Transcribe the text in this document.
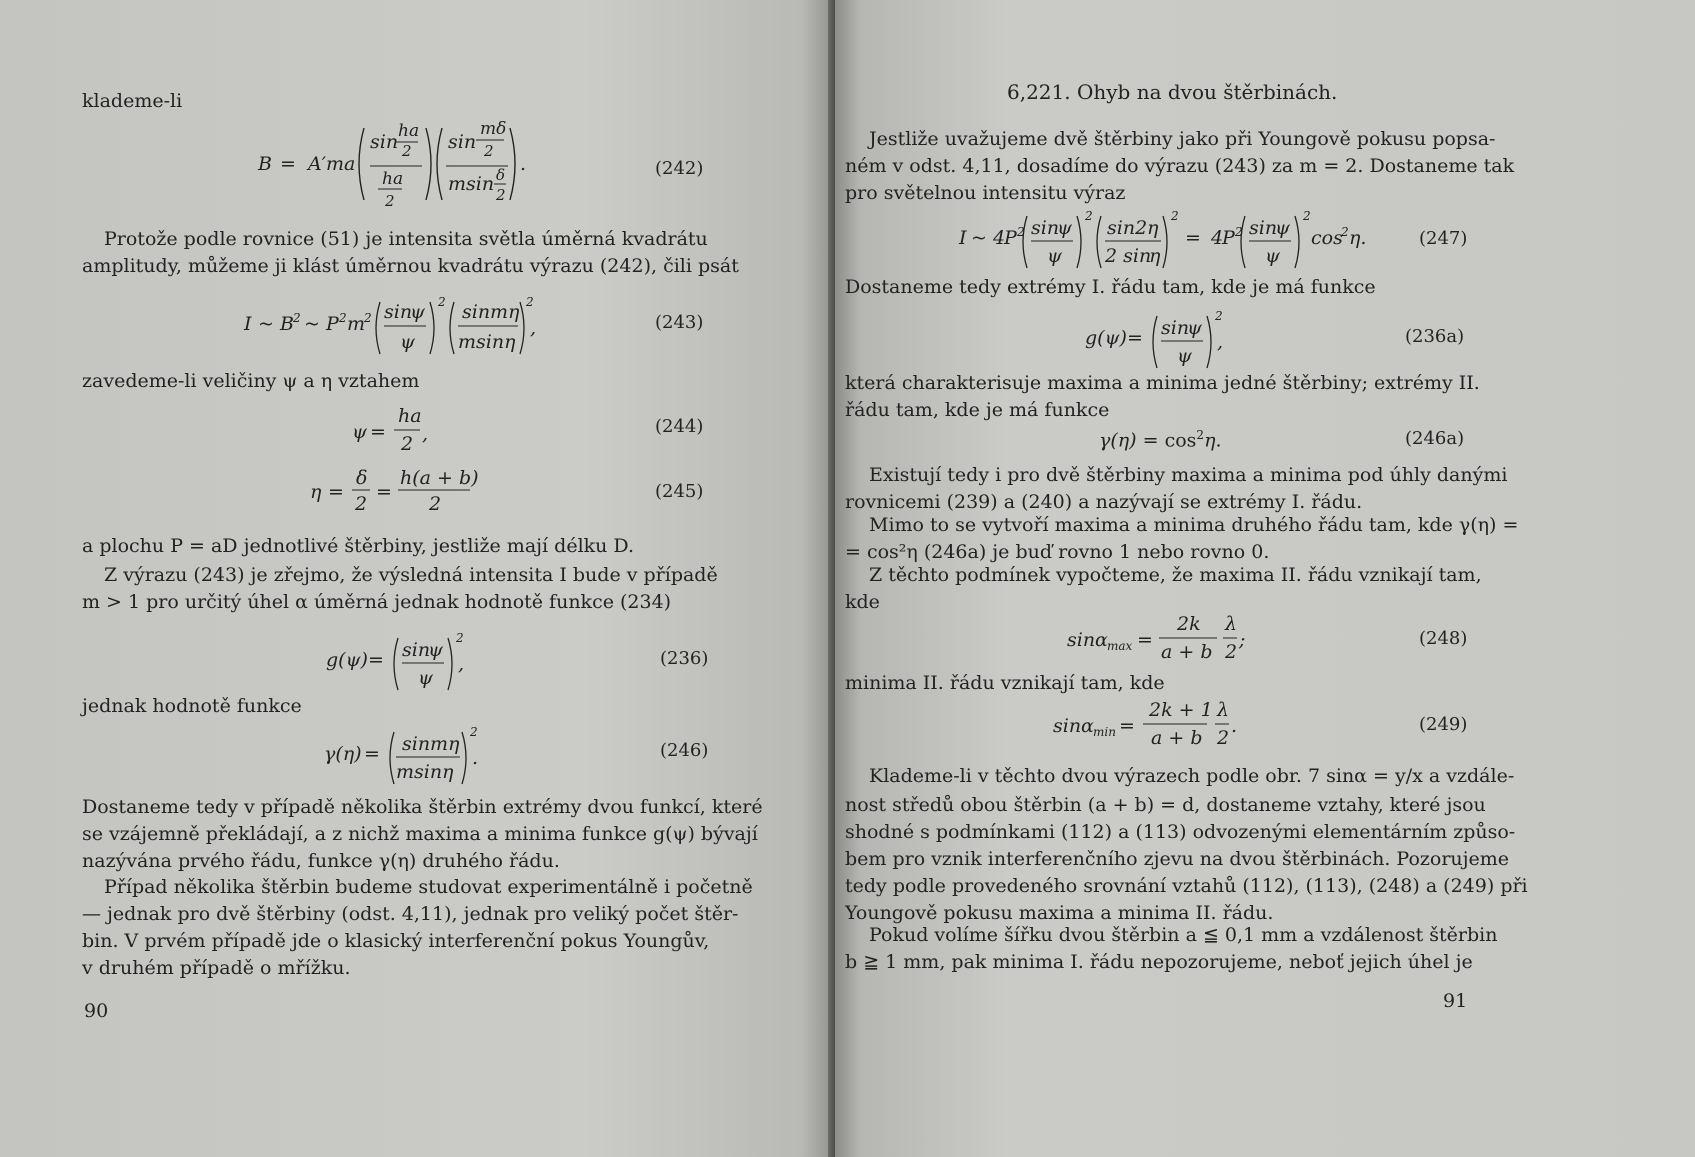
klademe-li
B = A′ma
sin ha
2
ha
2
sin
mδ
2
m sin δ
2
.	(242)
Protože podle rovnice (51) je intensita světla úměrná kvadrátu
amplitudy, můžeme ji klást úměrnou kvadrátu výrazu (242), čili psát
I ~ B 2 ~ P 2 m
2 sin
ψ
ψ
2 sin mη
m sin η
2
,	(243)
zavedeme-li veličiny ψ a η vztahem
ψ =
ha
2 ,	(244)
η =
δ
2
=
h(a + b)
2
(245)
a plochu P = aD jednotlivé štěrbiny, jestliže mají délku D.
Z výrazu (243) je zřejmo, že výsledná intensita I bude v případě
m > 1 pro určitý úhel α úměrná jednak hodnotě funkce (234)
g(ψ) = sin
ψ
ψ
2
,	(236)
jednak hodnotě funkce
γ(η) = sin mη
m sin η
2
.	(246)
Dostaneme tedy v případě několika štěrbin extrémy dvou funkcí, které
se vzájemně překládají, a z nichž maxima a minima funkce g(ψ) bývají
nazývána prvého řádu, funkce γ(η) druhého řádu.
Případ několika štěrbin budeme studovat experimentálně i početně
— jednak pro dvě štěrbiny (odst. 4,11), jednak pro veliký počet štěr-
bin. V prvém případě jde o klasický interferenční pokus Youngův,
v druhém případě o mřížku.
90
6,221. Ohyb na dvou štěrbinách.
Jestliže uvažujeme dvě štěrbiny jako při Youngově pokusu popsa-
ném v odst. 4,11, dosadíme do výrazu (243) za m = 2. Dostaneme tak
pro světelnou intensitu výraz
I ~ 4
P 2 sin
ψ
ψ
2
sin2 η
2 sin
η
2
= 4
P 2 sin
ψ
ψ
2
cos
2 η.	(247)
Dostaneme tedy extrémy I. řádu tam, kde je má funkce
g(ψ) = sin
ψ
ψ
2
,	(236a)
která charakterisuje maxima a minima jedné štěrbiny; extrémy II.
řádu tam, kde je má funkce
$\gamma(\eta) = \cos^2\eta$.	(246a)
Existují tedy i pro dvě štěrbiny maxima a minima pod úhly danými
rovnicemi (239) a (240) a nazývají se extrémy I. řádu.
Mimo to se vytvoří maxima a minima druhého řádu tam, kde γ(η) =
= cos²η (246a) je buď rovno 1 nebo rovno 0.
Z těchto podmínek vypočteme, že maxima II. řádu vznikají tam,
kde
sin α max =
2k
a + b
λ
2
;	(248)
minima II. řádu vznikají tam, kde
sin α min =
2k + 1
a + b
λ
2
.	(249)
Klademe-li v těchto dvou výrazech podle obr. 7 sinα = y/x a vzdále-
nost středů obou štěrbin (a + b) = d, dostaneme vztahy, které jsou
shodné s podmínkami (112) a (113) odvozenými elementárním způso-
bem pro vznik interferenčního zjevu na dvou štěrbinách. Pozorujeme
tedy podle provedeného srovnání vztahů (112), (113), (248) a (249) při
Youngově pokusu maxima a minima II. řádu.
Pokud volíme šířku dvou štěrbin a ≦ 0,1 mm a vzdálenost štěrbin
b ≧ 1 mm, pak minima I. řádu nepozorujeme, neboť jejich úhel je
91
